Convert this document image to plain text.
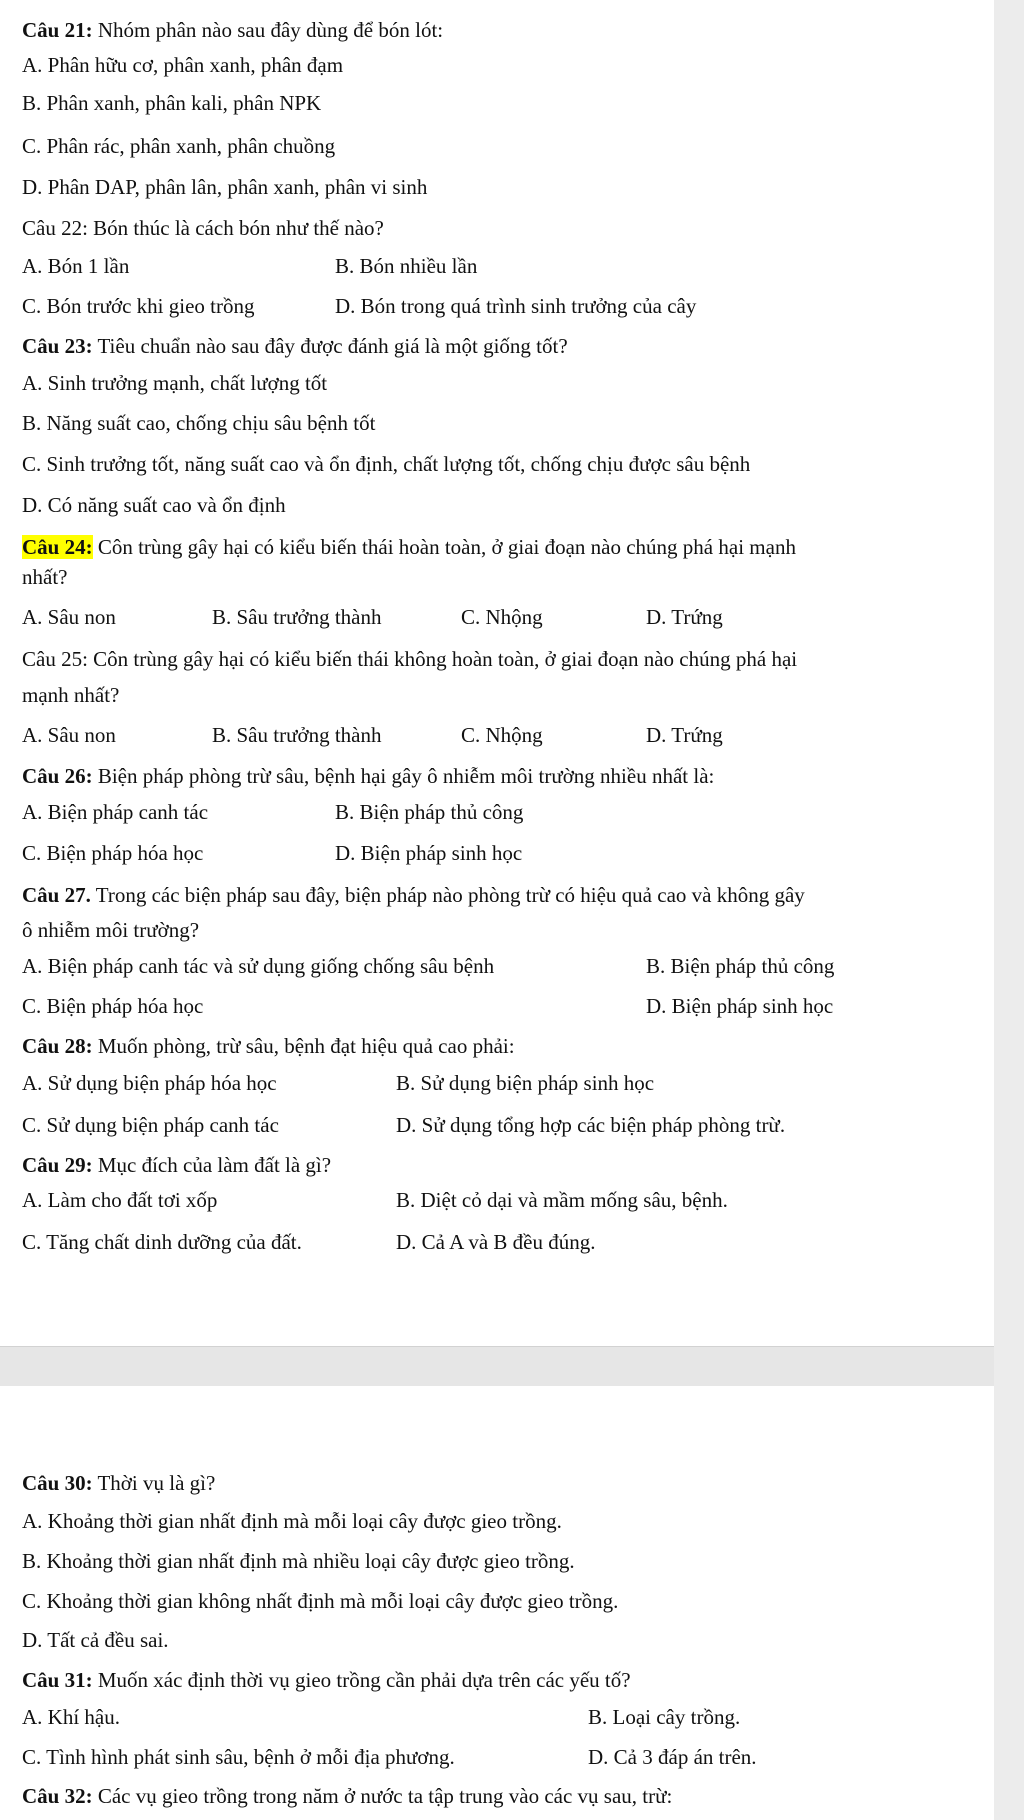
Câu 21: Nhóm phân nào sau đây dùng để bón lót:
A. Phân hữu cơ, phân xanh, phân đạm
B. Phân xanh, phân kali, phân NPK
C. Phân rác, phân xanh, phân chuồng
D. Phân DAP, phân lân, phân xanh, phân vi sinh
Câu 22: Bón thúc là cách bón như thế nào?
A. Bón 1 lần	B. Bón nhiều lần
C. Bón trước khi gieo trồng	D. Bón trong quá trình sinh trưởng của cây
Câu 23: Tiêu chuẩn nào sau đây được đánh giá là một giống tốt?
A. Sinh trưởng mạnh, chất lượng tốt
B. Năng suất cao, chống chịu sâu bệnh tốt
C. Sinh trưởng tốt, năng suất cao và ổn định, chất lượng tốt, chống chịu được sâu bệnh
D. Có năng suất cao và ổn định
Câu 24: Côn trùng gây hại có kiểu biến thái hoàn toàn, ở giai đoạn nào chúng phá hại mạnh
nhất?
A. Sâu non	B. Sâu trưởng thành	C. Nhộng	D. Trứng
Câu 25: Côn trùng gây hại có kiểu biến thái không hoàn toàn, ở giai đoạn nào chúng phá hại
mạnh nhất?
A. Sâu non	B. Sâu trưởng thành	C. Nhộng	D. Trứng
Câu 26: Biện pháp phòng trừ sâu, bệnh hại gây ô nhiễm môi trường nhiều nhất là:
A. Biện pháp canh tác	B. Biện pháp thủ công
C. Biện pháp hóa học	D. Biện pháp sinh học
Câu 27. Trong các biện pháp sau đây, biện pháp nào phòng trừ có hiệu quả cao và không gây
ô nhiễm môi trường?
A. Biện pháp canh tác và sử dụng giống chống sâu bệnh	B. Biện pháp thủ công
C. Biện pháp hóa học	D. Biện pháp sinh học
Câu 28: Muốn phòng, trừ sâu, bệnh đạt hiệu quả cao phải:
A. Sử dụng biện pháp hóa học	B. Sử dụng biện pháp sinh học
C. Sử dụng biện pháp canh tác	D. Sử dụng tổng hợp các biện pháp phòng trừ.
Câu 29: Mục đích của làm đất là gì?
A. Làm cho đất tơi xốp	B. Diệt cỏ dại và mầm mống sâu, bệnh.
C. Tăng chất dinh dưỡng của đất.	D. Cả A và B đều đúng.
Câu 30: Thời vụ là gì?
A. Khoảng thời gian nhất định mà mỗi loại cây được gieo trồng.
B. Khoảng thời gian nhất định mà nhiều loại cây được gieo trồng.
C. Khoảng thời gian không nhất định mà mỗi loại cây được gieo trồng.
D. Tất cả đều sai.
Câu 31: Muốn xác định thời vụ gieo trồng cần phải dựa trên các yếu tố?
A. Khí hậu.	B. Loại cây trồng.
C. Tình hình phát sinh sâu, bệnh ở mỗi địa phương.	D. Cả 3 đáp án trên.
Câu 32: Các vụ gieo trồng trong năm ở nước ta tập trung vào các vụ sau, trừ:
